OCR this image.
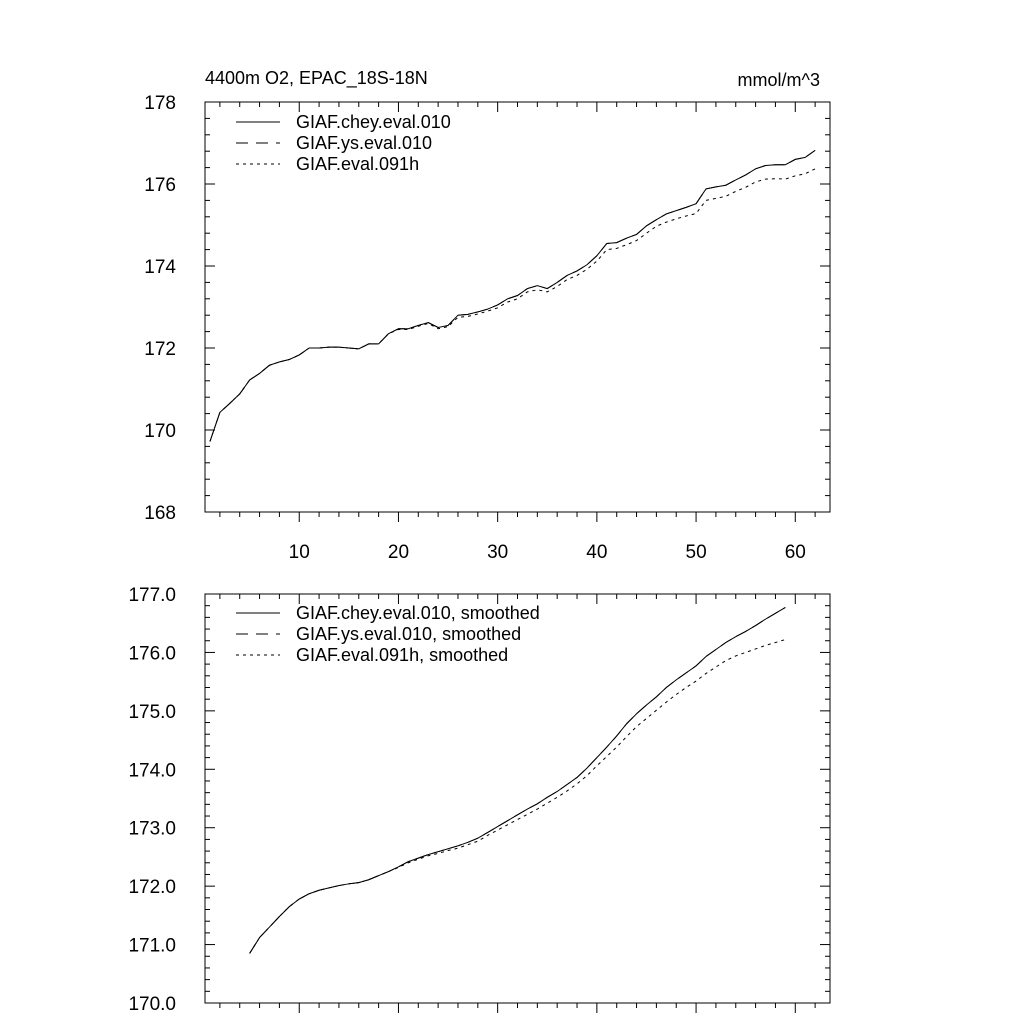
168
170
172
174
176
178
10	20	30	40	50	60
4400m O2, EPAC_18S-18N	mmol/m^3
GIAF.chey.eval.010
GIAF.ys.eval.010
GIAF.eval.091h
170.0
171.0
172.0
173.0
174.0
175.0
176.0
177.0
GIAF.chey.eval.010, smoothed
GIAF.ys.eval.010, smoothed
GIAF.eval.091h, smoothed
